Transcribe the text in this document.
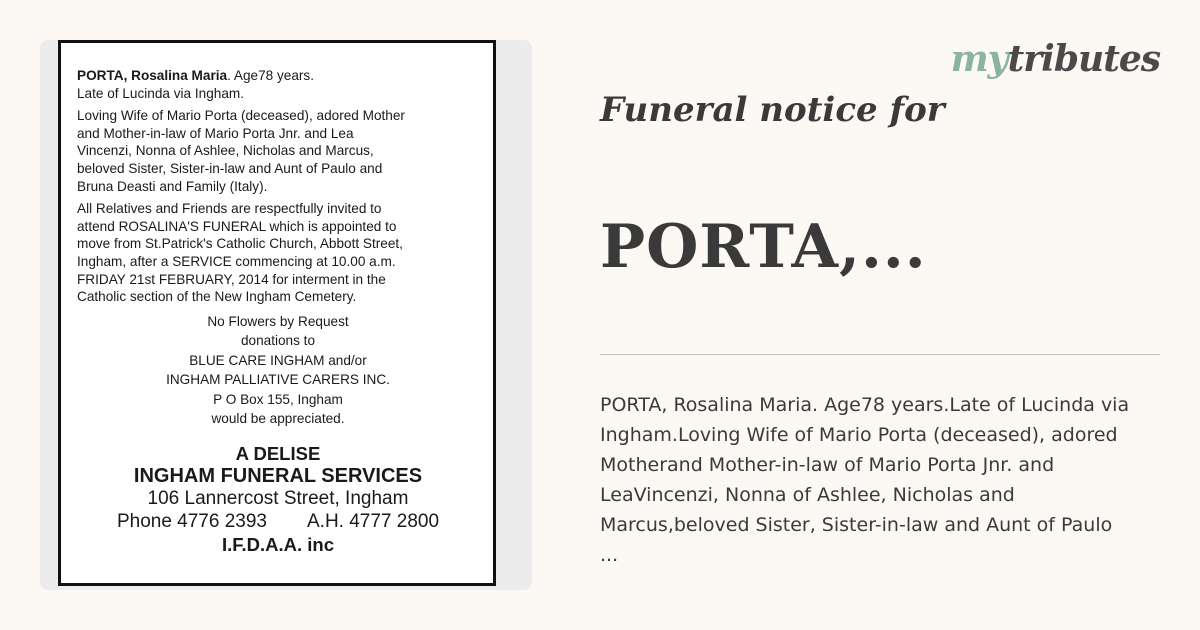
PORTA, Rosalina Maria. Age78 years.

Late of Lucinda via Ingham.

Loving Wife of Mario Porta (deceased), adored Mother

and Mother-in-law of Mario Porta Jnr. and Lea

Vincenzi, Nonna of Ashlee, Nicholas and Marcus,

beloved Sister, Sister-in-law and Aunt of Paulo and

Bruna Deasti and Family (Italy).

All Relatives and Friends are respectfully invited to

attend ROSALINA'S FUNERAL which is appointed to

move from St.Patrick's Catholic Church, Abbott Street,

Ingham, after a SERVICE commencing at 10.00 a.m.

FRIDAY 21st FEBRUARY, 2014 for interment in the

Catholic section of the New Ingham Cemetery.

No Flowers by Request
donations to
BLUE CARE INGHAM and/or
INGHAM PALLIATIVE CARERS INC.
P O Box 155, Ingham
would be appreciated.
A DELISE
INGHAM FUNERAL SERVICES
106 Lannercost Street, Ingham
Phone 4776 2393 A.H. 4777 2800
I.F.D.A.A. inc
mytributes
Funeral notice for
PORTA,...

PORTA, Rosalina Maria. Age78 years.Late of Lucinda via
Ingham.Loving Wife of Mario Porta (deceased), adored
Motherand Mother-in-law of Mario Porta Jnr. and
LeaVincenzi, Nonna of Ashlee, Nicholas and
Marcus,beloved Sister, Sister-in-law and Aunt of Paulo
...
